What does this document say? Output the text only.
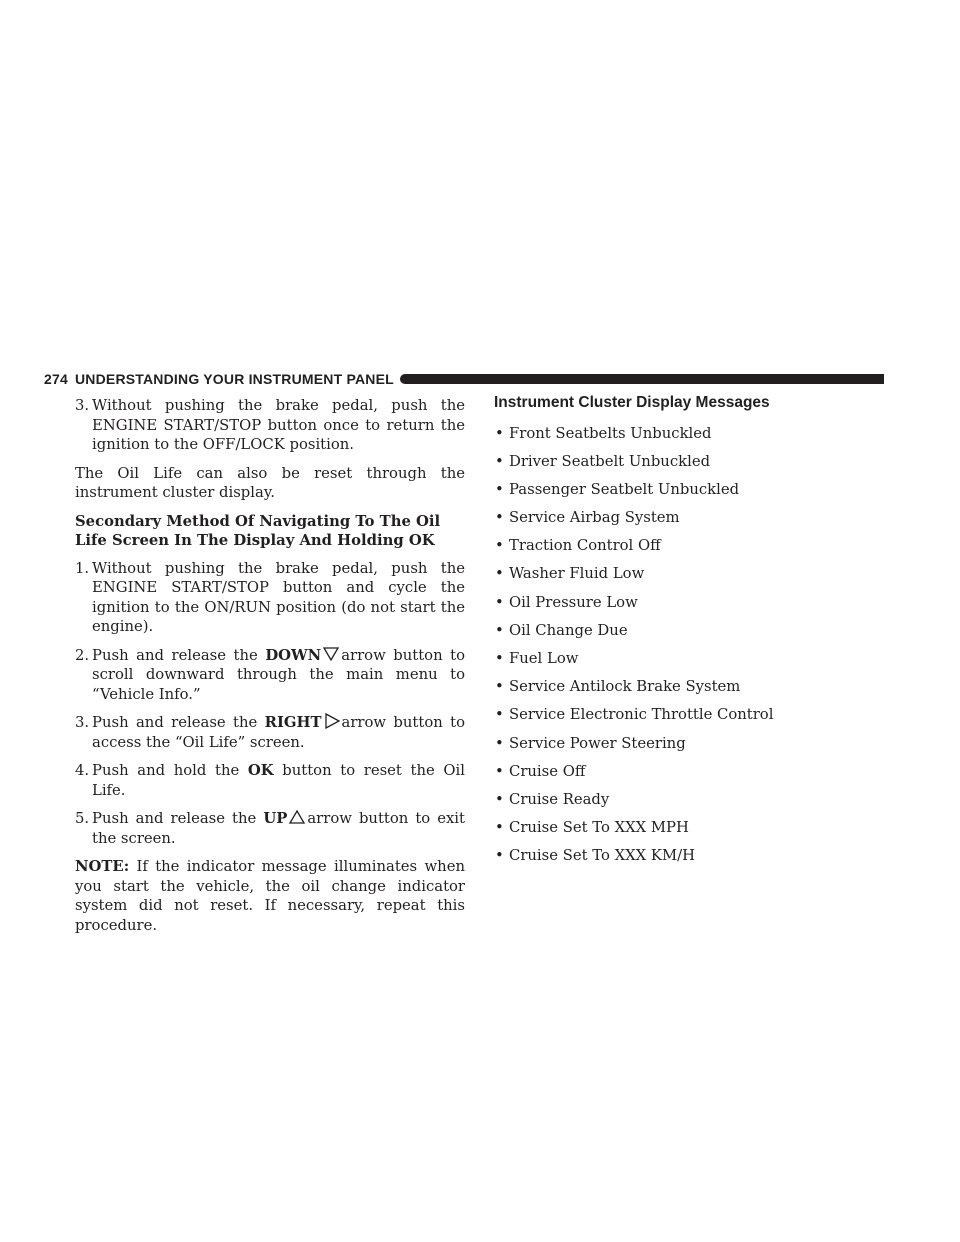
274 UNDERSTANDING YOUR INSTRUMENT PANEL
3. Without pushing the brake pedal, push the ENGINE START/STOP button once to return the ignition to the OFF/LOCK position.

The Oil Life can also be reset through the instrument cluster display.

Secondary Method Of Navigating To The Oil Life Screen In The Display And Holding OK

1. Without pushing the brake pedal, push the ENGINE START/STOP button and cycle the ignition to the ON/RUN position (do not start the engine).
2. Push and release the DOWN arrow button to scroll downward through the main menu to “Vehicle Info.”
3. Push and release the RIGHT arrow button to access the “Oil Life” screen.
4. Push and hold the OK button to reset the Oil Life.
5. Push and release the UP arrow button to exit the screen.

NOTE: If the indicator message illuminates when you start the vehicle, the oil change indicator system did not reset. If necessary, repeat this procedure.

Instrument Cluster Display Messages
• Front Seatbelts Unbuckled
• Driver Seatbelt Unbuckled
• Passenger Seatbelt Unbuckled
• Service Airbag System
• Traction Control Off
• Washer Fluid Low
• Oil Pressure Low
• Oil Change Due
• Fuel Low
• Service Antilock Brake System
• Service Electronic Throttle Control
• Service Power Steering
• Cruise Off
• Cruise Ready
• Cruise Set To XXX MPH
• Cruise Set To XXX KM/H
